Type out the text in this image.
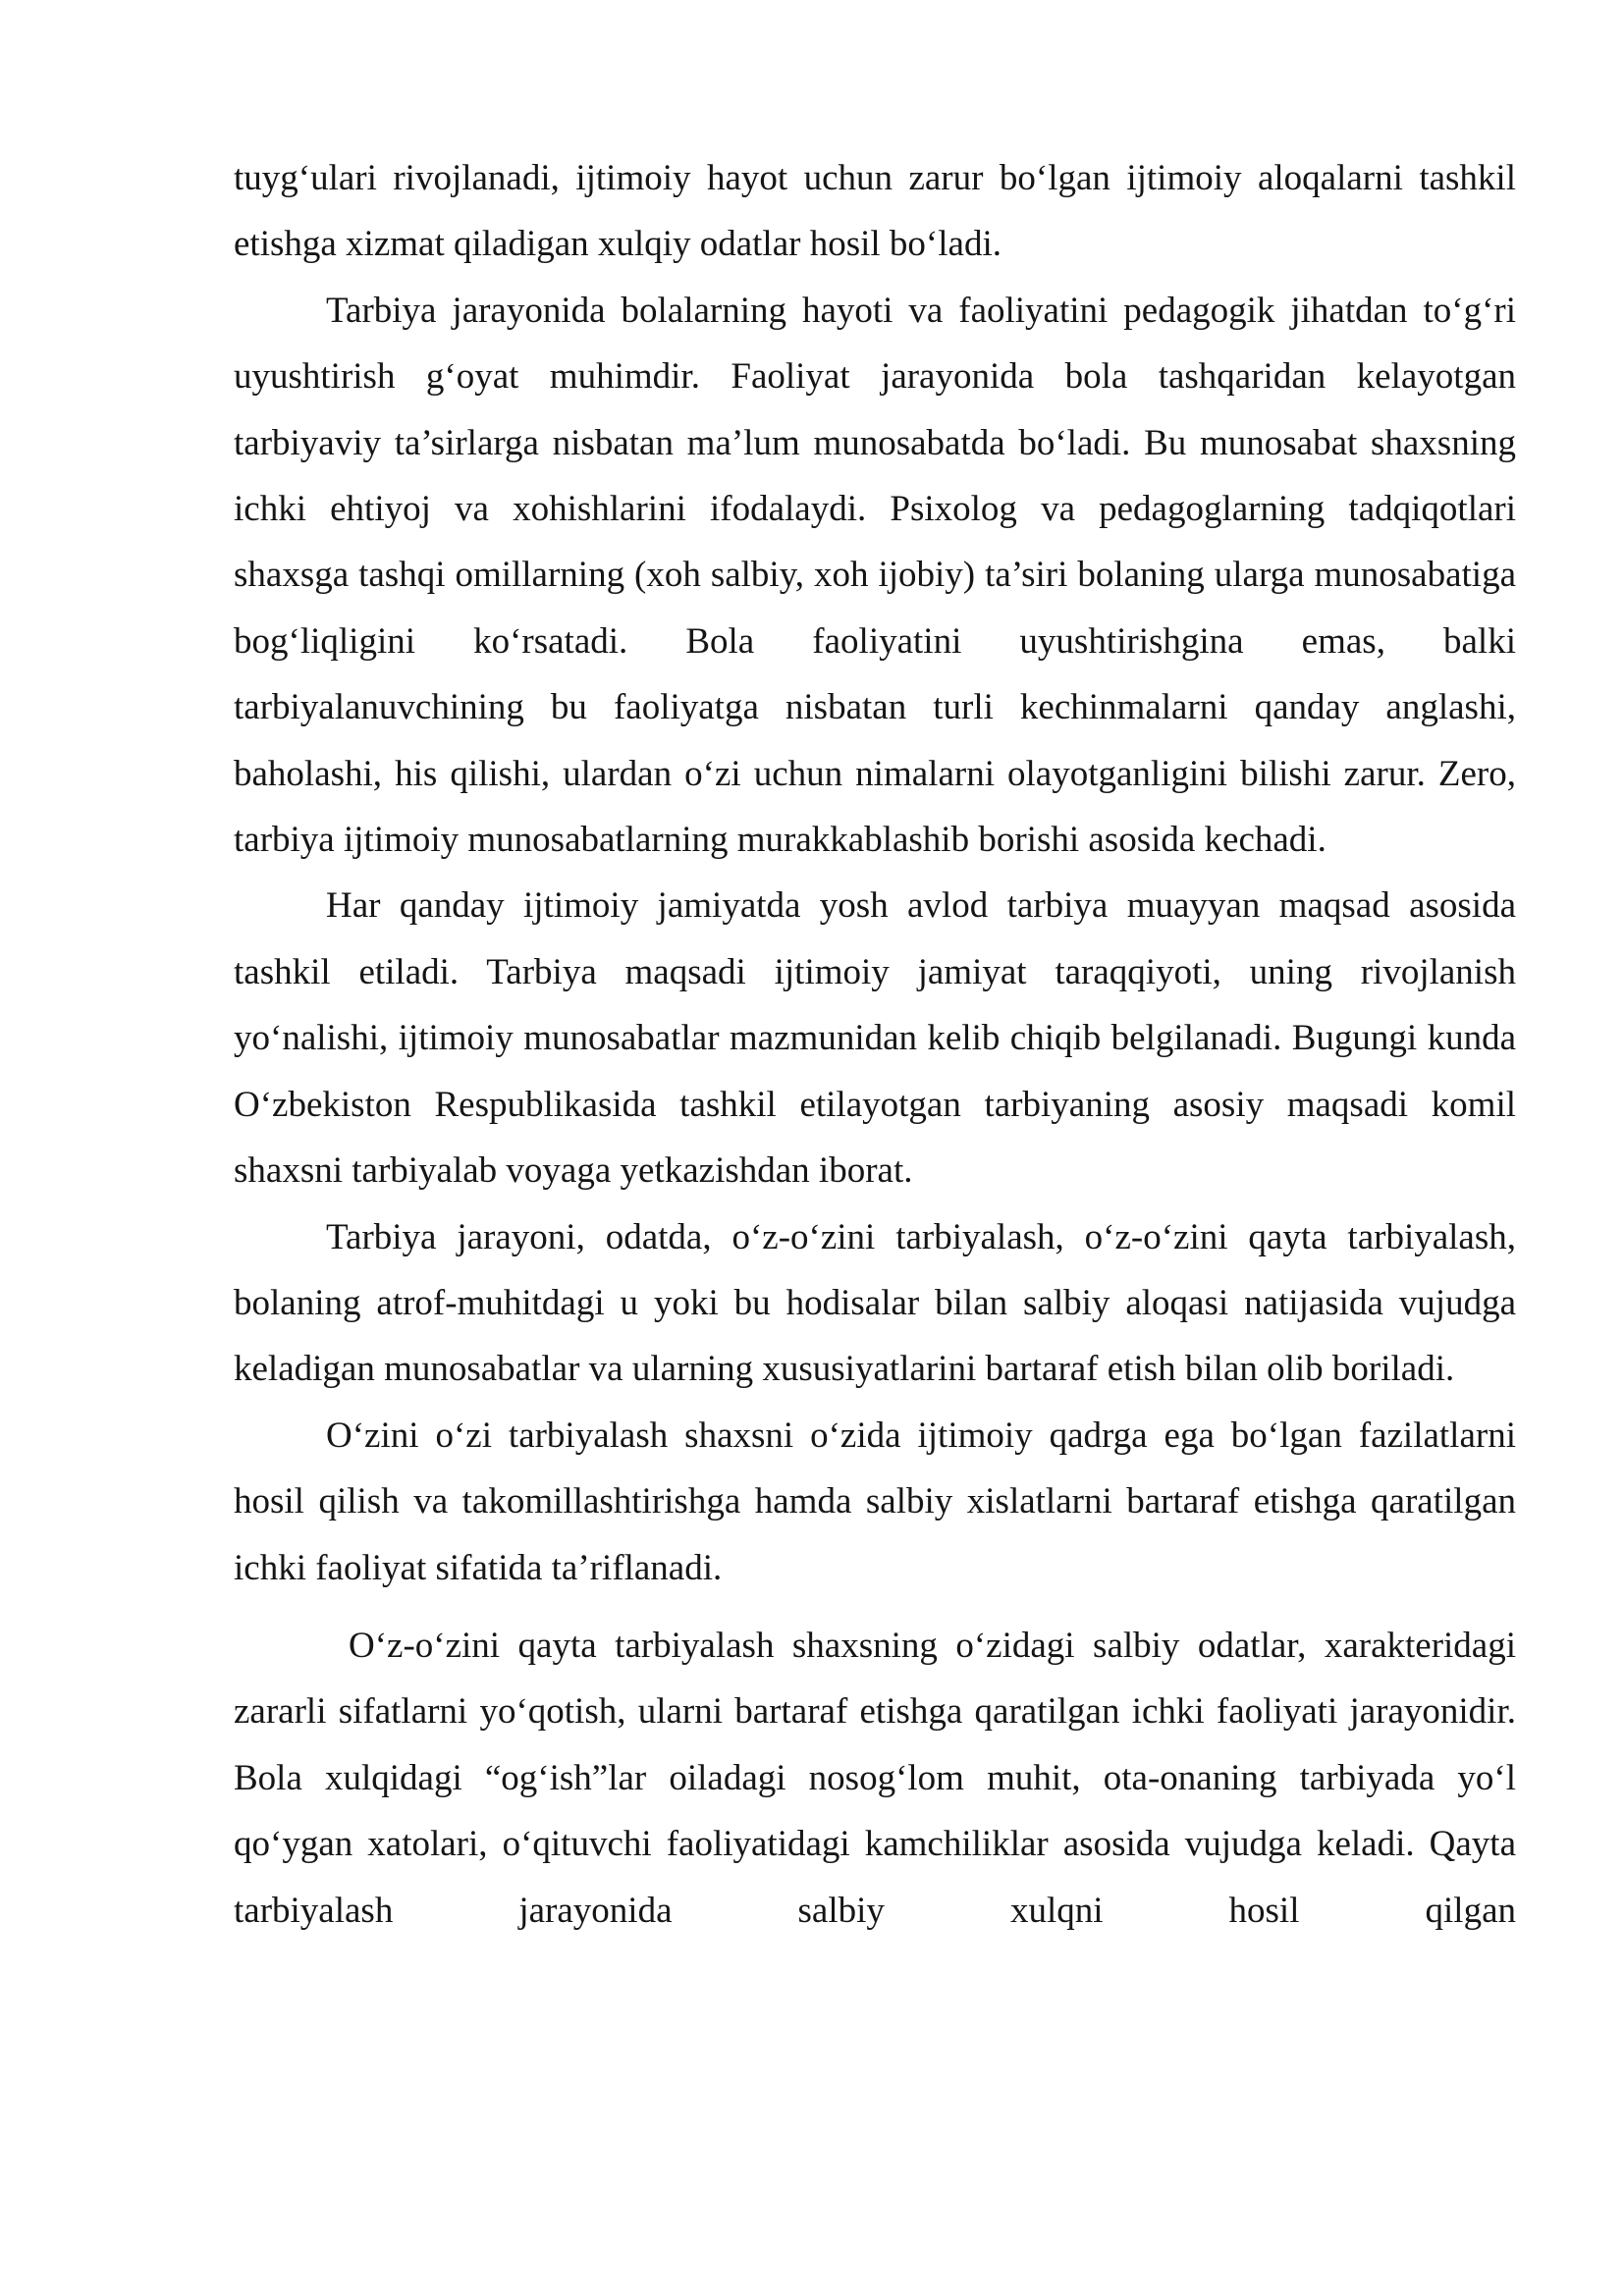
tuyg‘ulari rivojlanadi, ijtimoiy hayot uchun zarur bo‘lgan ijtimoiy aloqalarni tashkil etishga xizmat qiladigan xulqiy odatlar hosil bo‘ladi.

Tarbiya jarayonida bolalarning hayoti va faoliyatini pedagogik jihatdan to‘g‘ri uyushtirish g‘oyat muhimdir. Faoliyat jarayonida bola tashqaridan kelayotgan tarbiyaviy ta’sirlarga nisbatan ma’lum munosabatda bo‘ladi. Bu munosabat shaxsning ichki ehtiyoj va xohishlarini ifodalaydi. Psixolog va pedagoglarning tadqiqotlari shaxsga tashqi omillarning (xoh salbiy, xoh ijobiy) ta’siri bolaning ularga munosabatiga bog‘liqligini ko‘rsatadi. Bola faoliyatini uyushtirishgina emas, balki tarbiyalanuvchining bu faoliyatga nisbatan turli kechinmalarni qanday anglashi, baholashi, his qilishi, ulardan o‘zi uchun nimalarni olayotganligini bilishi zarur. Zero, tarbiya ijtimoiy munosabatlarning murakkablashib borishi asosida kechadi.

Har qanday ijtimoiy jamiyatda yosh avlod tarbiya muayyan maqsad asosida tashkil etiladi. Tarbiya maqsadi ijtimoiy jamiyat taraqqiyoti, uning rivojlanish yo‘nalishi, ijtimoiy munosabatlar mazmunidan kelib chiqib belgilanadi. Bugungi kunda O‘zbekiston Respublikasida tashkil etilayotgan tarbiyaning asosiy maqsadi komil shaxsni tarbiyalab voyaga yetkazishdan iborat.

Tarbiya jarayoni, odatda, o‘z-o‘zini tarbiyalash, o‘z-o‘zini qayta tarbiyalash, bolaning atrof-muhitdagi u yoki bu hodisalar bilan salbiy aloqasi natijasida vujudga keladigan munosabatlar va ularning xususiyatlarini bartaraf etish bilan olib boriladi.

O‘zini o‘zi tarbiyalash shaxsni o‘zida ijtimoiy qadrga ega bo‘lgan fazilatlarni hosil qilish va takomillashtirishga hamda salbiy xislatlarni bartaraf etishga qaratilgan ichki faoliyat sifatida ta’riflanadi.

O‘z-o‘zini qayta tarbiyalash shaxsning o‘zidagi salbiy odatlar, xarakteridagi zararli sifatlarni yo‘qotish, ularni bartaraf etishga qaratilgan ichki faoliyati jarayonidir. Bola xulqidagi “og‘ish”lar oiladagi nosog‘lom muhit, ota-onaning tarbiyada yo‘l qo‘ygan xatolari, o‘qituvchi faoliyatidagi kamchiliklar asosida vujudga keladi. Qayta tarbiyalash jarayonida salbiy xulqni hosil qilgan
